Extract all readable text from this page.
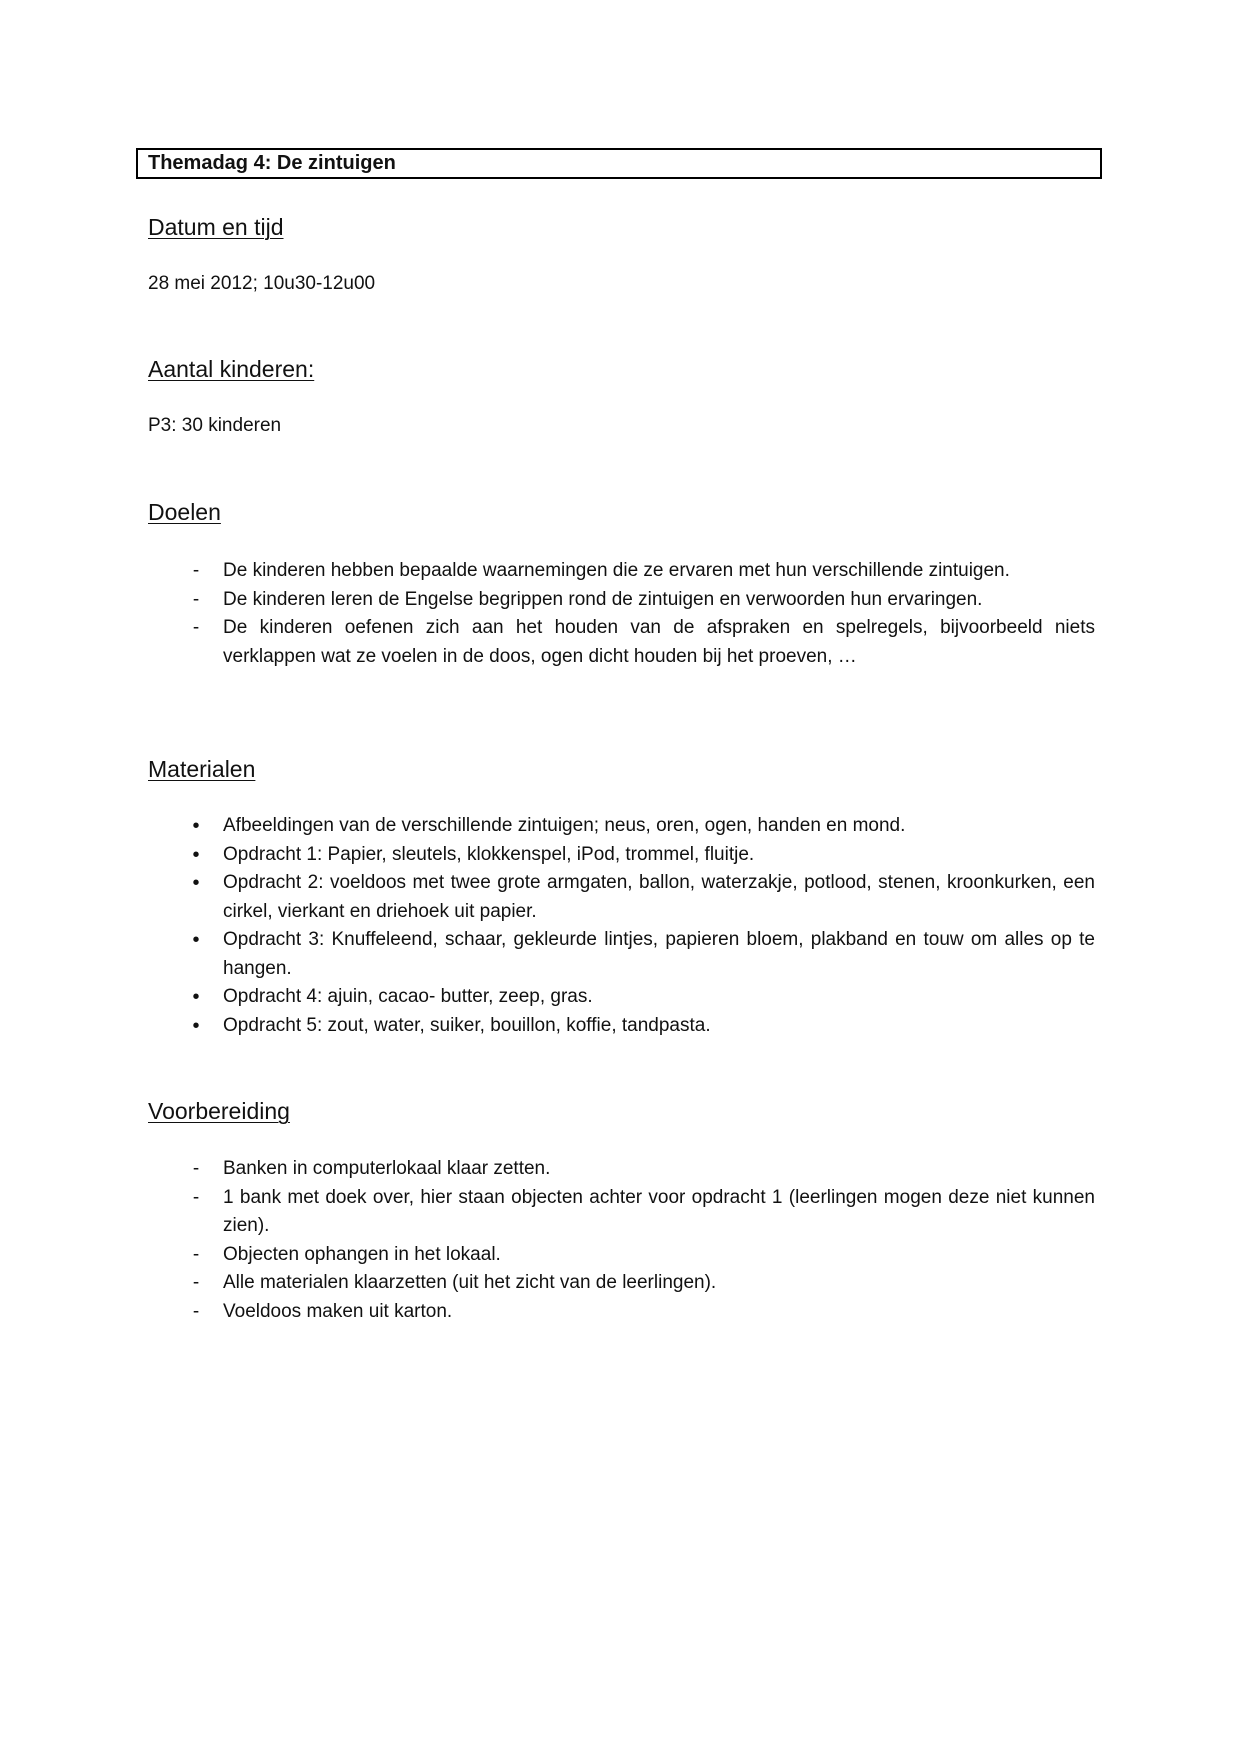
Themadag 4: De zintuigen
Datum en tijd

28 mei 2012; 10u30-12u00

Aantal kinderen:

P3: 30 kinderen

Doelen
-	De kinderen hebben bepaalde waarnemingen die ze ervaren met hun verschillende zintuigen.
-	De kinderen leren de Engelse begrippen rond de zintuigen en verwoorden hun ervaringen.
-	De kinderen oefenen zich aan het houden van de afspraken en spelregels, bijvoorbeeld niets verklappen wat ze voelen in de doos, ogen dicht houden bij het proeven, …
Materialen
•	Afbeeldingen van de verschillende zintuigen; neus, oren, ogen, handen en mond.
•	Opdracht 1: Papier, sleutels, klokkenspel, iPod, trommel, fluitje.
•	Opdracht 2: voeldoos met twee grote armgaten, ballon, waterzakje, potlood, stenen, kroonkurken, een cirkel, vierkant en driehoek uit papier.
•	Opdracht 3: Knuffeleend, schaar, gekleurde lintjes, papieren bloem, plakband en touw om alles op te hangen.
•	Opdracht 4: ajuin, cacao- butter, zeep, gras.
•	Opdracht 5: zout, water, suiker, bouillon, koffie, tandpasta.
Voorbereiding
-	Banken in computerlokaal klaar zetten.
-	1 bank met doek over, hier staan objecten achter voor opdracht 1 (leerlingen mogen deze niet kunnen zien).
-	Objecten ophangen in het lokaal.
-	Alle materialen klaarzetten (uit het zicht van de leerlingen).
-	Voeldoos maken uit karton.
